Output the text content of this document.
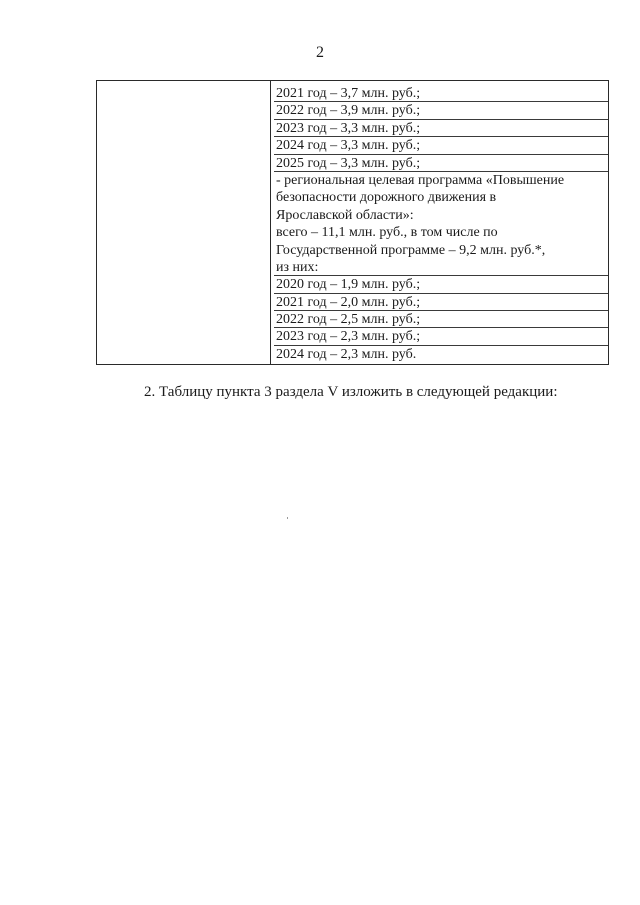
2
2021 год – 3,7 млн. руб.;
2022 год – 3,9 млн. руб.;
2023 год – 3,3 млн. руб.;
2024 год – 3,3 млн. руб.;
2025 год – 3,3 млн. руб.;
- региональная целевая программа «Повышение
безопасности дорожного движения в
Ярославской области»:
всего – 11,1 млн. руб., в том числе по
Государственной программе – 9,2 млн. руб.*,
из них:
2020 год – 1,9 млн. руб.;
2021 год – 2,0 млн. руб.;
2022 год – 2,5 млн. руб.;
2023 год – 2,3 млн. руб.;
2024 год – 2,3 млн. руб.
2. Таблицу пункта 3 раздела V изложить в следующей редакции:
